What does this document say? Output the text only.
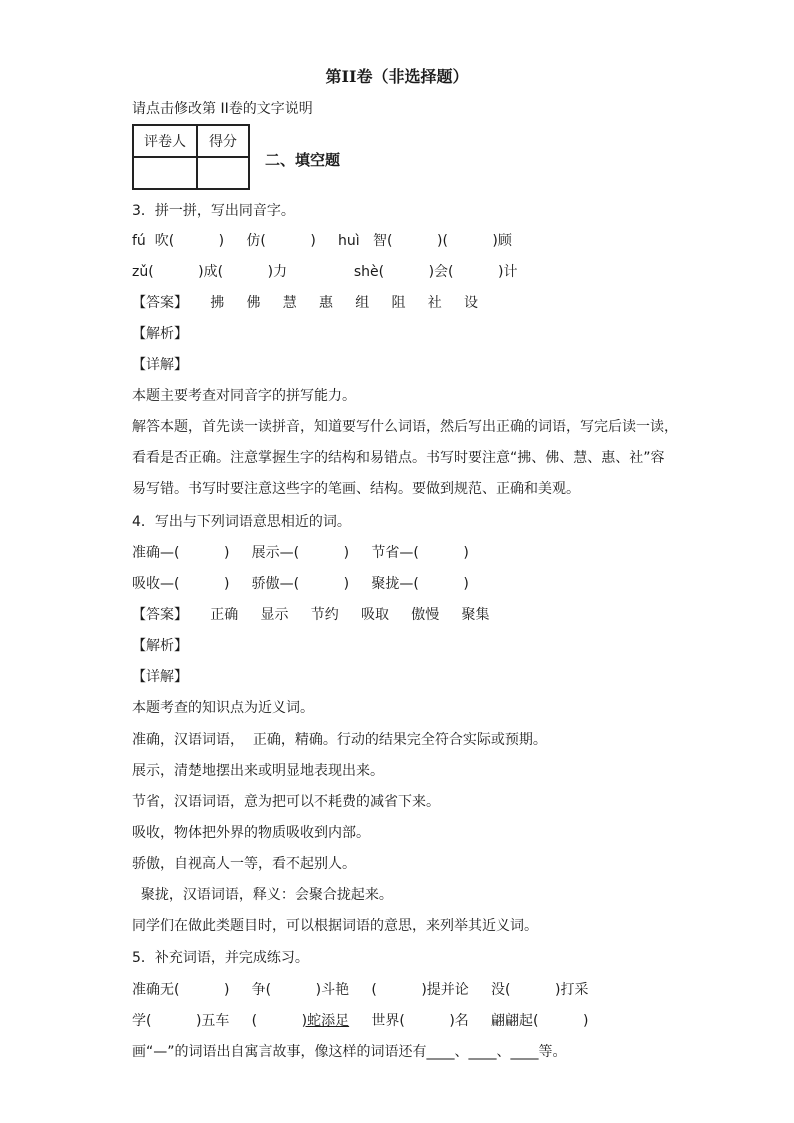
第II卷（非选择题）
请点击修改第 II卷的文字说明
评卷人	得分

二、填空题
3．拼一拼，写出同音字。
fú  吹(          )     仿(          )     huì   智(          )(          )顾
zǔ(          )成(          )力               shè(          )会(          )计
【答案】     拂     佛     慧     惠     组     阻     社     设
【解析】
【详解】
本题主要考查对同音字的拼写能力。
解答本题，首先读一读拼音，知道要写什么词语，然后写出正确的词语，写完后读一读，
看看是否正确。注意掌握生字的结构和易错点。书写时要注意“拂、佛、慧、惠、社”容
易写错。书写时要注意这些字的笔画、结构。要做到规范、正确和美观。
4．写出与下列词语意思相近的词。
准确—(          )     展示—(          )     节省—(          )
吸收—(          )     骄傲—(          )     聚拢—(          )
【答案】     正确     显示     节约     吸取     傲慢     聚集
【解析】
【详解】
本题考查的知识点为近义词。
准确，汉语词语，  正确，精确。行动的结果完全符合实际或预期。
展示，清楚地摆出来或明显地表现出来。
节省，汉语词语，意为把可以不耗费的减省下来。
吸收，物体把外界的物质吸收到内部。
骄傲，自视高人一等，看不起别人。
聚拢，汉语词语，释义：会聚合拢起来。
同学们在做此类题目时，可以根据词语的意思，来列举其近义词。
5．补充词语，并完成练习。
准确无(          )     争(          )斗艳     (          )提并论     没(          )打采
学(          )五车     (          )蛇添足     世界(          )名     翩翩起(          )
画“—”的词语出自寓言故事，像这样的词语还有____、____、____等。
